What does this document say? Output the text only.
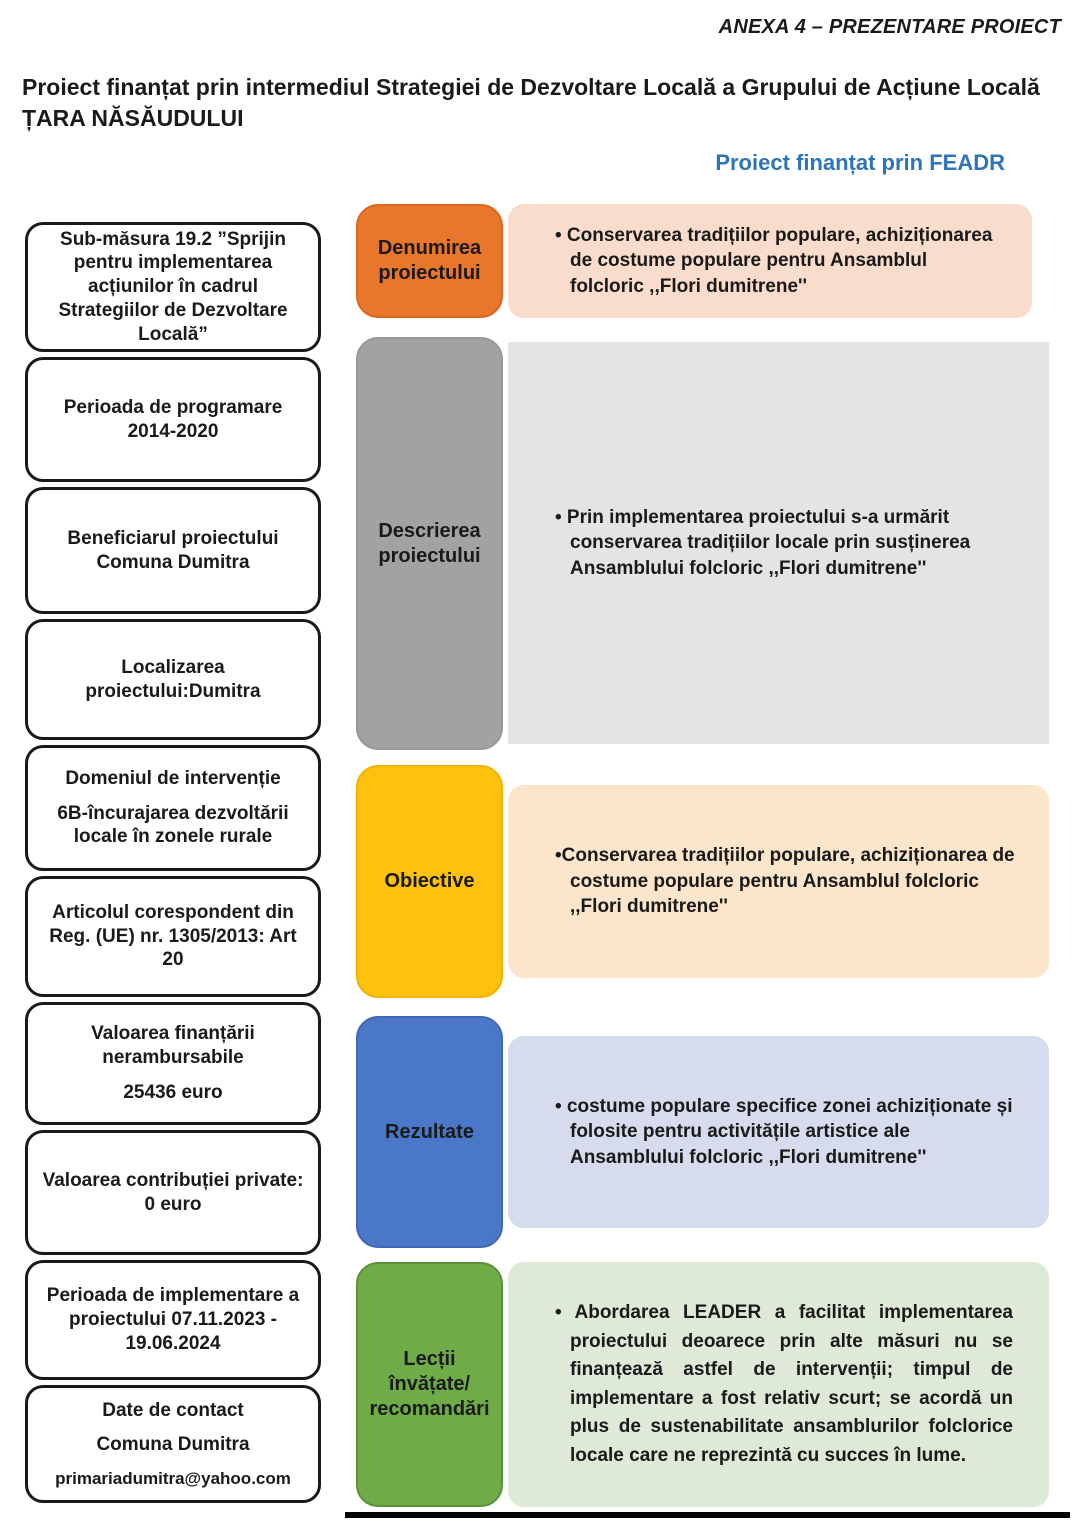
ANEXA 4 – PREZENTARE PROIECT
Proiect finanțat prin intermediul Strategiei de Dezvoltare Locală a Grupului de Acțiune Locală ȚARA NĂSĂUDULUI
Proiect finanțat prin FEADR

Sub-măsura 19.2 ”Sprijin pentru implementarea acțiunilor în cadrul Strategiilor de Dezvoltare Locală”

Perioada de programare 2014-2020

Beneficiarul proiectului Comuna Dumitra

Localizarea proiectului:Dumitra

Domeniul de intervenție

6B-încurajarea dezvoltării locale în zonele rurale

Articolul corespondent din Reg. (UE) nr. 1305/2013: Art 20

Valoarea finanțării nerambursabile

25436 euro

Valoarea contribuției private: 0 euro

Perioada de implementare a proiectului 07.11.2023 - 19.06.2024

Date de contact

Comuna Dumitra

primariadumitra@yahoo.com

Denumirea proiectului

• Conservarea tradițiilor populare, achiziționarea de costume populare pentru Ansamblul folcloric ,,Flori dumitrene''

Descrierea proiectului

• Prin implementarea proiectului s-a urmărit conservarea tradițiilor locale prin susținerea Ansamblului folcloric ,,Flori dumitrene''

Obiective

•Conservarea tradițiilor populare, achiziționarea de costume populare pentru Ansamblul folcloric ,,Flori dumitrene''

Rezultate

• costume populare specifice zonei achiziționate și folosite pentru activitățile artistice ale Ansamblului folcloric ,,Flori dumitrene''

Lecții învățate/ recomandări

• Abordarea LEADER a facilitat implementarea proiectului deoarece prin alte măsuri nu se finanțează astfel de intervenții; timpul de implementare a fost relativ scurt; se acordă un plus de sustenabilitate ansamblurilor folclorice locale care ne reprezintă cu succes în lume.
